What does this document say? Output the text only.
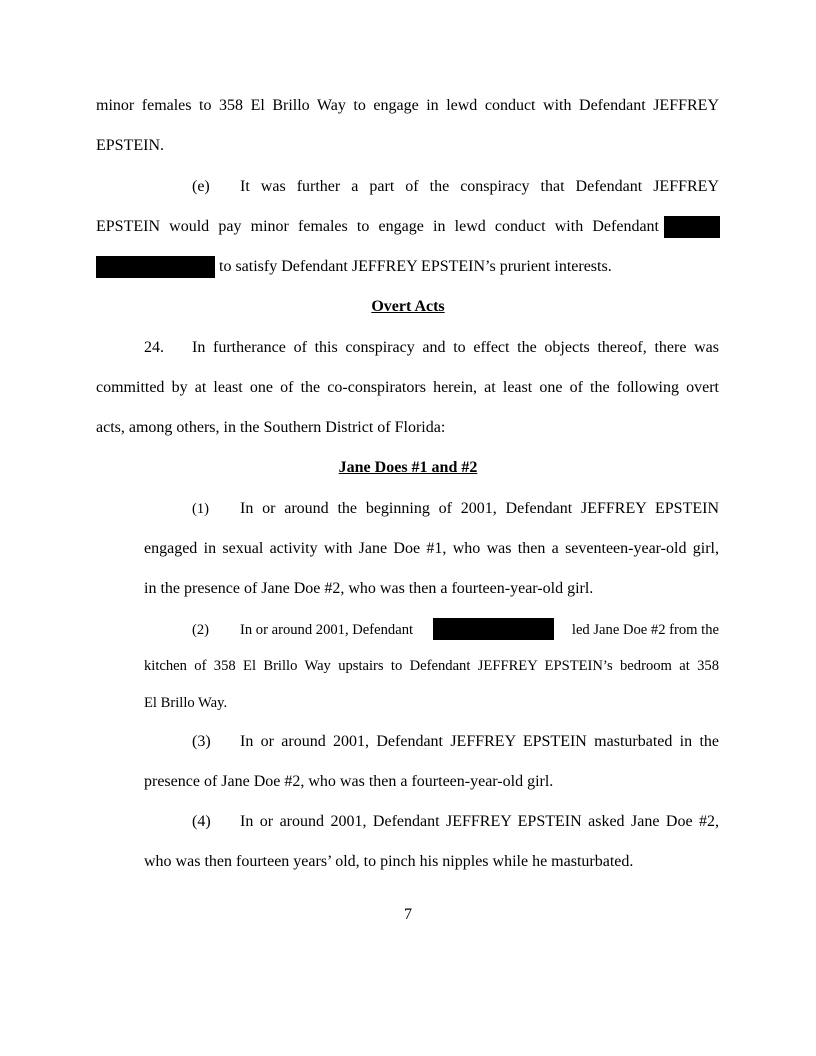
minor females to 358 El Brillo Way to engage in lewd conduct with Defendant JEFFREY
EPSTEIN.
(e) It was further a part of the conspiracy that Defendant JEFFREY
EPSTEIN would pay minor females to engage in lewd conduct with Defendant
to satisfy Defendant JEFFREY EPSTEIN’s prurient interests.
Overt Acts
24. In furtherance of this conspiracy and to effect the objects thereof, there was
committed by at least one of the co-conspirators herein, at least one of the following overt
acts, among others, in the Southern District of Florida:
Jane Does #1 and #2
(1) In or around the beginning of 2001, Defendant JEFFREY EPSTEIN
engaged in sexual activity with Jane Doe #1, who was then a seventeen-year-old girl,
in the presence of Jane Doe #2, who was then a fourteen-year-old girl.
(2) In or around 2001, Defendant	led Jane Doe #2 from the
kitchen of 358 El Brillo Way upstairs to Defendant JEFFREY EPSTEIN’s bedroom at 358
El Brillo Way.
(3) In or around 2001, Defendant JEFFREY EPSTEIN masturbated in the
presence of Jane Doe #2, who was then a fourteen-year-old girl.
(4) In or around 2001, Defendant JEFFREY EPSTEIN asked Jane Doe #2,
who was then fourteen years’ old, to pinch his nipples while he masturbated.
7
